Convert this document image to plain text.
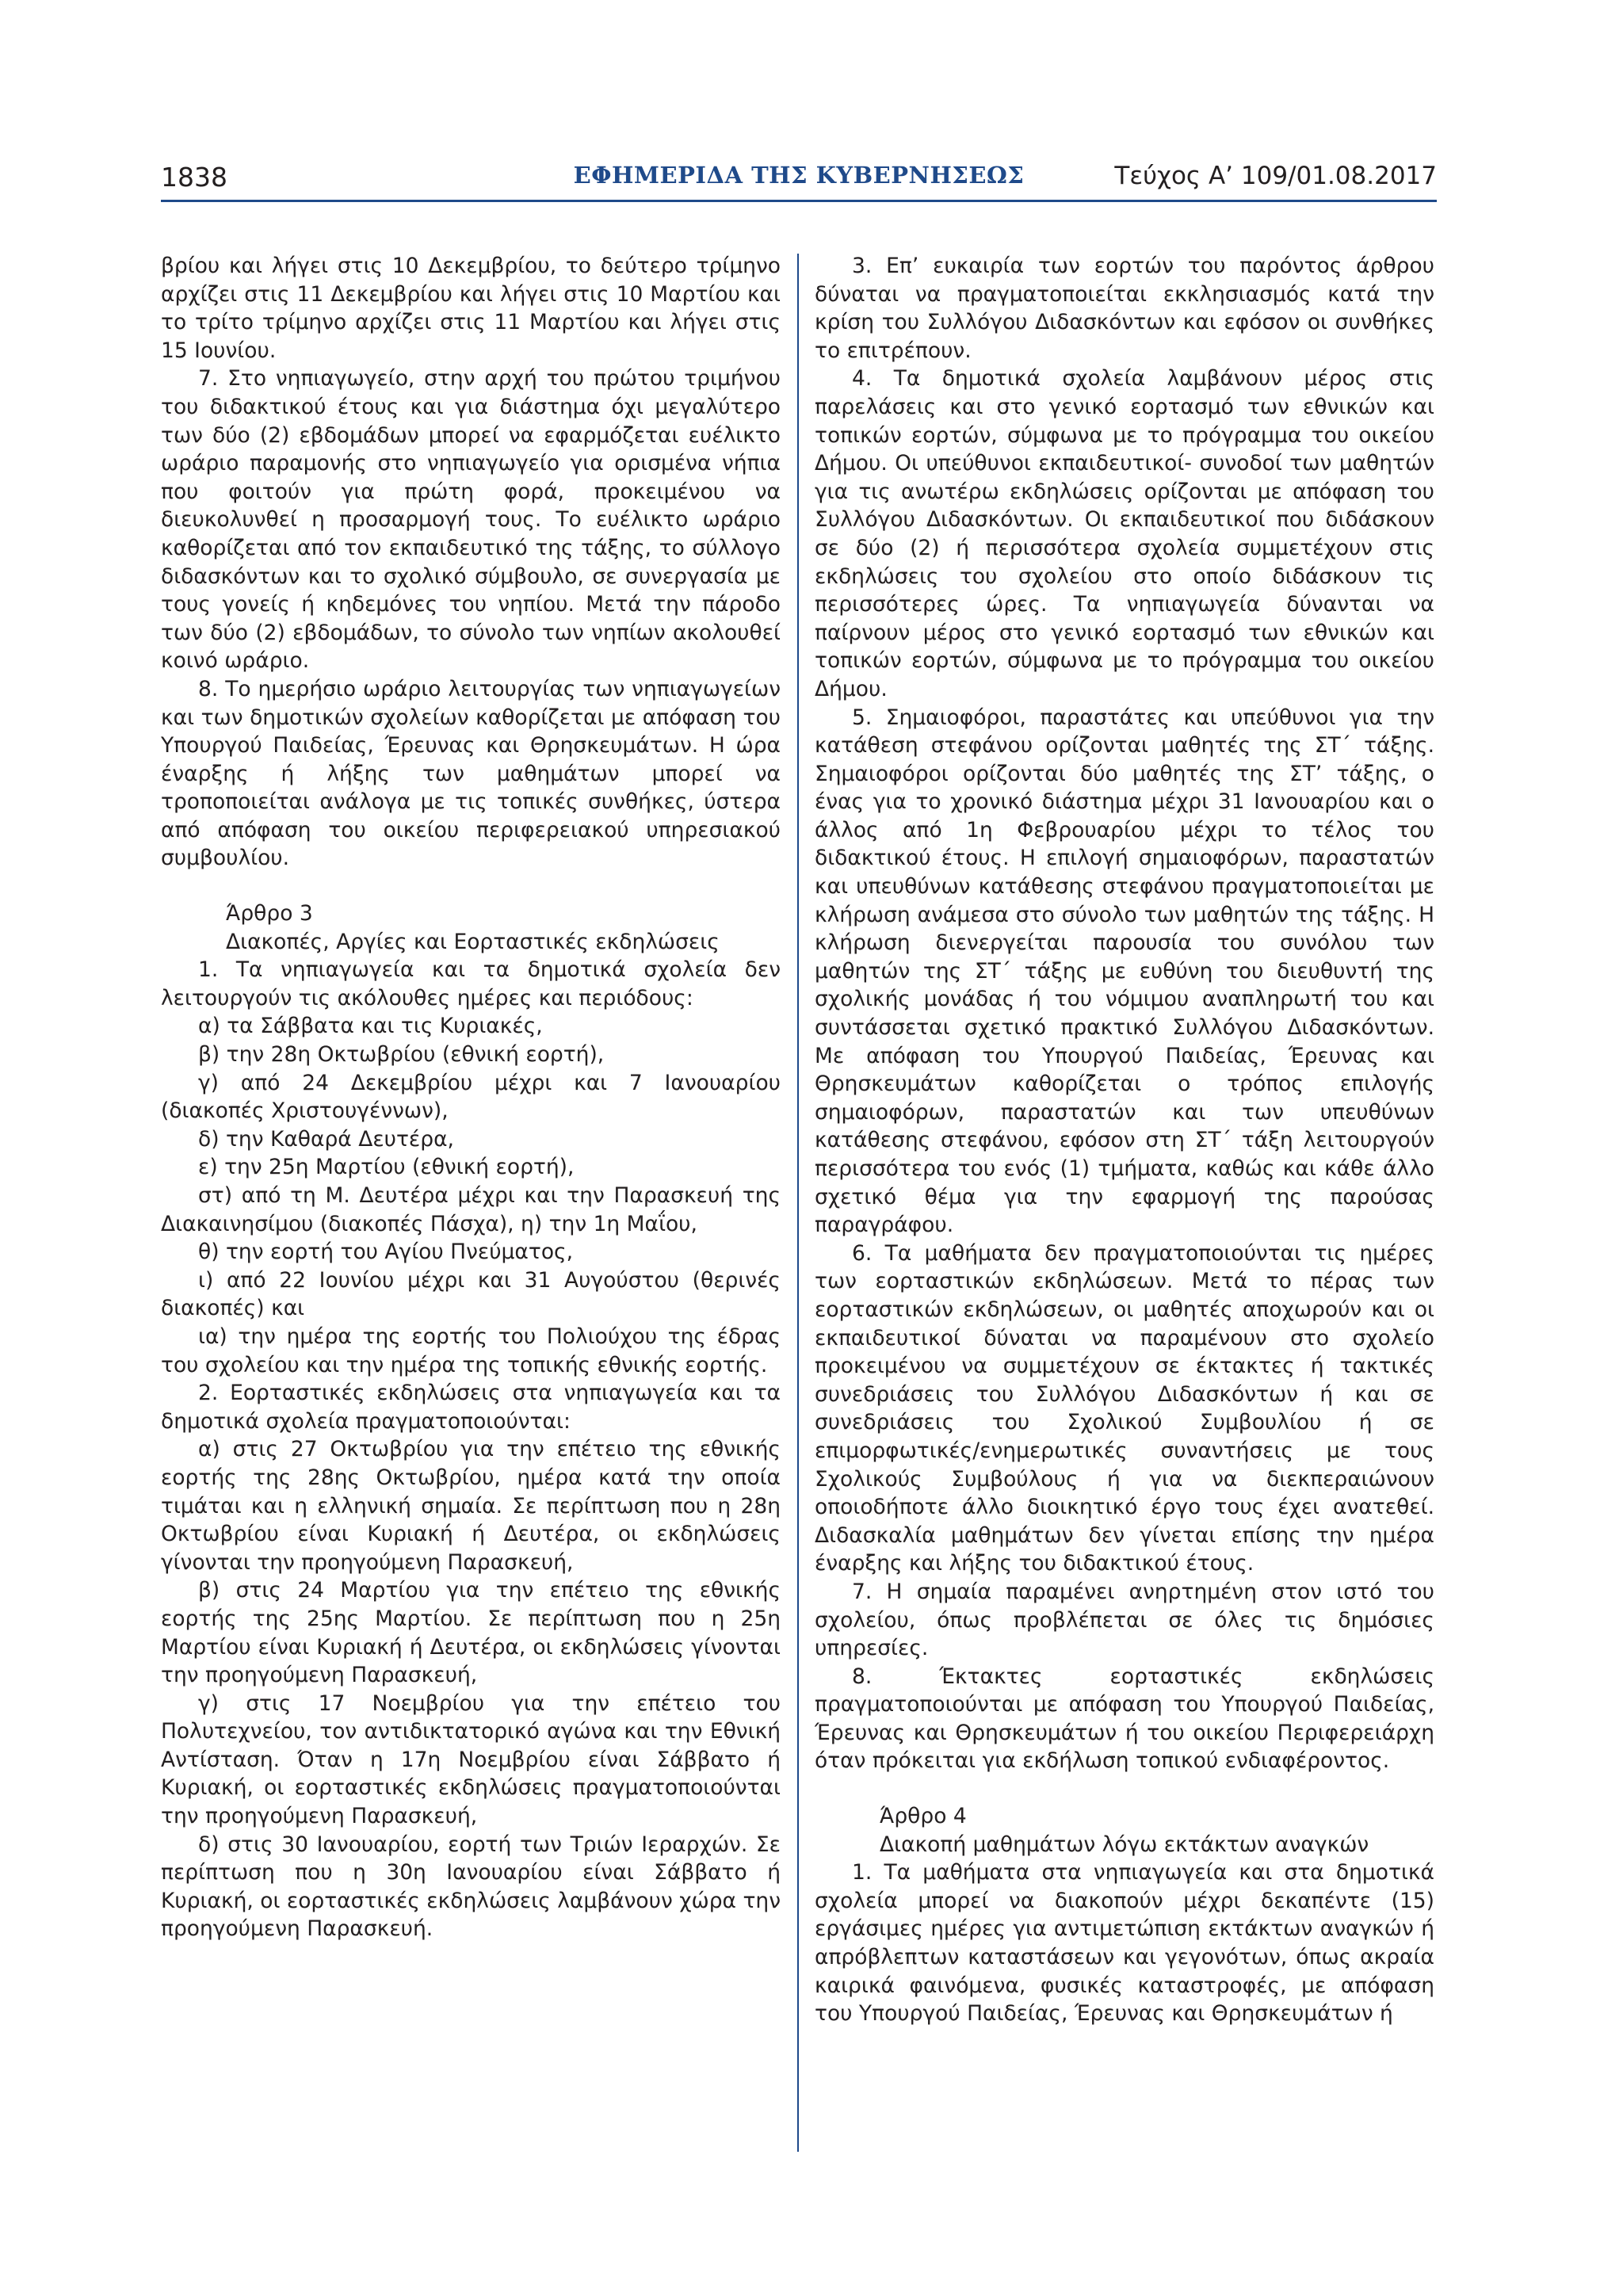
1838	ΕΦΗΜΕΡΙΔΑ ΤΗΣ ΚΥΒΕΡΝΗΣΕΩΣ	Τεύχος Α’ 109/01.08.2017

βρίου και λήγει στις 10 Δεκεμβρίου, το δεύτερο τρίμηνο αρχίζει στις 11 Δεκεμβρίου και λήγει στις 10 Μαρτίου και το τρίτο τρίμηνο αρχίζει στις 11 Μαρτίου και λήγει στις 15 Ιουνίου.

7. Στο νηπιαγωγείο, στην αρχή του πρώτου τριμήνου του διδακτικού έτους και για διάστημα όχι μεγαλύτερο των δύο (2) εβδομάδων μπορεί να εφαρμόζεται ευέλικτο ωράριο παραμονής στο νηπιαγωγείο για ορισμένα νήπια που φοιτούν για πρώτη φορά, προκειμένου να διευκολυνθεί η προσαρμογή τους. Το ευέλικτο ωράριο καθορίζεται από τον εκπαιδευτικό της τάξης, το σύλλογο διδασκόντων και το σχολικό σύμβουλο, σε συνεργασία με τους γονείς ή κηδεμόνες του νηπίου. Μετά την πάροδο των δύο (2) εβδομάδων, το σύνολο των νηπίων ακολουθεί κοινό ωράριο.

8. Το ημερήσιο ωράριο λειτουργίας των νηπιαγωγείων και των δημοτικών σχολείων καθορίζεται με απόφαση του Υπουργού Παιδείας, Έρευνας και Θρησκευμάτων. Η ώρα έναρξης ή λήξης των μαθημάτων μπορεί να τροποποιείται ανάλογα με τις τοπικές συνθήκες, ύστερα από απόφαση του οικείου περιφερειακού υπηρεσιακού συμβουλίου.

Άρθρο 3

Διακοπές, Αργίες και Εορταστικές εκδηλώσεις

1. Τα νηπιαγωγεία και τα δημοτικά σχολεία δεν λειτουργούν τις ακόλουθες ημέρες και περιόδους:

α) τα Σάββατα και τις Κυριακές,

β) την 28η Οκτωβρίου (εθνική εορτή),

γ) από 24 Δεκεμβρίου μέχρι και 7 Ιανουαρίου (διακοπές Χριστουγέννων),

δ) την Καθαρά Δευτέρα,

ε) την 25η Μαρτίου (εθνική εορτή),

στ) από τη Μ. Δευτέρα μέχρι και την Παρασκευή της Διακαινησίμου (διακοπές Πάσχα), η) την 1η Μαΐου,

θ) την εορτή του Αγίου Πνεύματος,

ι) από 22 Ιουνίου μέχρι και 31 Αυγούστου (θερινές διακοπές) και

ια) την ημέρα της εορτής του Πολιούχου της έδρας του σχολείου και την ημέρα της τοπικής εθνικής εορτής.

2. Εορταστικές εκδηλώσεις στα νηπιαγωγεία και τα δημοτικά σχολεία πραγματοποιούνται:

α) στις 27 Οκτωβρίου για την επέτειο της εθνικής εορτής της 28ης Οκτωβρίου, ημέρα κατά την οποία τιμάται και η ελληνική σημαία. Σε περίπτωση που η 28η Οκτωβρίου είναι Κυριακή ή Δευτέρα, οι εκδηλώσεις γίνονται την προηγούμενη Παρασκευή,

β) στις 24 Μαρτίου για την επέτειο της εθνικής εορτής της 25ης Μαρτίου. Σε περίπτωση που η 25η Μαρτίου είναι Κυριακή ή Δευτέρα, οι εκδηλώσεις γίνονται την προηγούμενη Παρασκευή,

γ) στις 17 Νοεμβρίου για την επέτειο του Πολυτεχνείου, τον αντιδικτατορικό αγώνα και την Εθνική Αντίσταση. Όταν η 17η Νοεμβρίου είναι Σάββατο ή Κυριακή, οι εορταστικές εκδηλώσεις πραγματοποιούνται την προηγούμενη Παρασκευή,

δ) στις 30 Ιανουαρίου, εορτή των Τριών Ιεραρχών. Σε περίπτωση που η 30η Ιανουαρίου είναι Σάββατο ή Κυριακή, οι εορταστικές εκδηλώσεις λαμβάνουν χώρα την προηγούμενη Παρασκευή.

3. Επ’ ευκαιρία των εορτών του παρόντος άρθρου δύναται να πραγματοποιείται εκκλησιασμός κατά την κρίση του Συλλόγου Διδασκόντων και εφόσον οι συνθήκες το επιτρέπουν.

4. Τα δημοτικά σχολεία λαμβάνουν μέρος στις παρελάσεις και στο γενικό εορτασμό των εθνικών και τοπικών εορτών, σύμφωνα με το πρόγραμμα του οικείου Δήμου. Οι υπεύθυνοι εκπαιδευτικοί- συνοδοί των μαθητών για τις ανωτέρω εκδηλώσεις ορίζονται με απόφαση του Συλλόγου Διδασκόντων. Οι εκπαιδευτικοί που διδάσκουν σε δύο (2) ή περισσότερα σχολεία συμμετέχουν στις εκδηλώσεις του σχολείου στο οποίο διδάσκουν τις περισσότερες ώρες. Τα νηπιαγωγεία δύνανται να παίρνουν μέρος στο γενικό εορτασμό των εθνικών και τοπικών εορτών, σύμφωνα με το πρόγραμμα του οικείου Δήμου.

5. Σημαιοφόροι, παραστάτες και υπεύθυνοι για την κατάθεση στεφάνου ορίζονται μαθητές της ΣΤ΄ τάξης. Σημαιοφόροι ορίζονται δύο μαθητές της ΣΤ’ τάξης, ο ένας για το χρονικό διάστημα μέχρι 31 Ιανουαρίου και ο άλλος από 1η Φεβρουαρίου μέχρι το τέλος του διδακτικού έτους. Η επιλογή σημαιοφόρων, παραστατών και υπευθύνων κατάθεσης στεφάνου πραγματοποιείται με κλήρωση ανάμεσα στο σύνολο των μαθητών της τάξης. Η κλήρωση διενεργείται παρουσία του συνόλου των μαθητών της ΣΤ΄ τάξης με ευθύνη του διευθυντή της σχολικής μονάδας ή του νόμιμου αναπληρωτή του και συντάσσεται σχετικό πρακτικό Συλλόγου Διδασκόντων. Με απόφαση του Υπουργού Παιδείας, Έρευνας και Θρησκευμάτων καθορίζεται ο τρόπος επιλογής σημαιοφόρων, παραστατών και των υπευθύνων κατάθεσης στεφάνου, εφόσον στη ΣΤ΄ τάξη λειτουργούν περισσότερα του ενός (1) τμήματα, καθώς και κάθε άλλο σχετικό θέμα για την εφαρμογή της παρούσας παραγράφου.

6. Τα μαθήματα δεν πραγματοποιούνται τις ημέρες των εορταστικών εκδηλώσεων. Μετά το πέρας των εορταστικών εκδηλώσεων, οι μαθητές αποχωρούν και οι εκπαιδευτικοί δύναται να παραμένουν στο σχολείο προκειμένου να συμμετέχουν σε έκτακτες ή τακτικές συνεδριάσεις του Συλλόγου Διδασκόντων ή και σε συνεδριάσεις του Σχολικού Συμβουλίου ή σε επιμορφωτικές/ενημερωτικές συναντήσεις με τους Σχολικούς Συμβούλους ή για να διεκπεραιώνουν οποιοδήποτε άλλο διοικητικό έργο τους έχει ανατεθεί. Διδασκαλία μαθημάτων δεν γίνεται επίσης την ημέρα έναρξης και λήξης του διδακτικού έτους.

7. Η σημαία παραμένει ανηρτημένη στον ιστό του σχολείου, όπως προβλέπεται σε όλες τις δημόσιες υπηρεσίες.

8. Έκτακτες εορταστικές εκδηλώσεις πραγματοποιούνται με απόφαση του Υπουργού Παιδείας, Έρευνας και Θρησκευμάτων ή του οικείου Περιφερειάρχη όταν πρόκειται για εκδήλωση τοπικού ενδιαφέροντος.

Άρθρο 4

Διακοπή μαθημάτων λόγω εκτάκτων αναγκών

1. Τα μαθήματα στα νηπιαγωγεία και στα δημοτικά σχολεία μπορεί να διακοπούν μέχρι δεκαπέντε (15) εργάσιμες ημέρες για αντιμετώπιση εκτάκτων αναγκών ή απρόβλεπτων καταστάσεων και γεγονότων, όπως ακραία καιρικά φαινόμενα, φυσικές καταστροφές, με απόφαση του Υπουργού Παιδείας, Έρευνας και Θρησκευμάτων ή
